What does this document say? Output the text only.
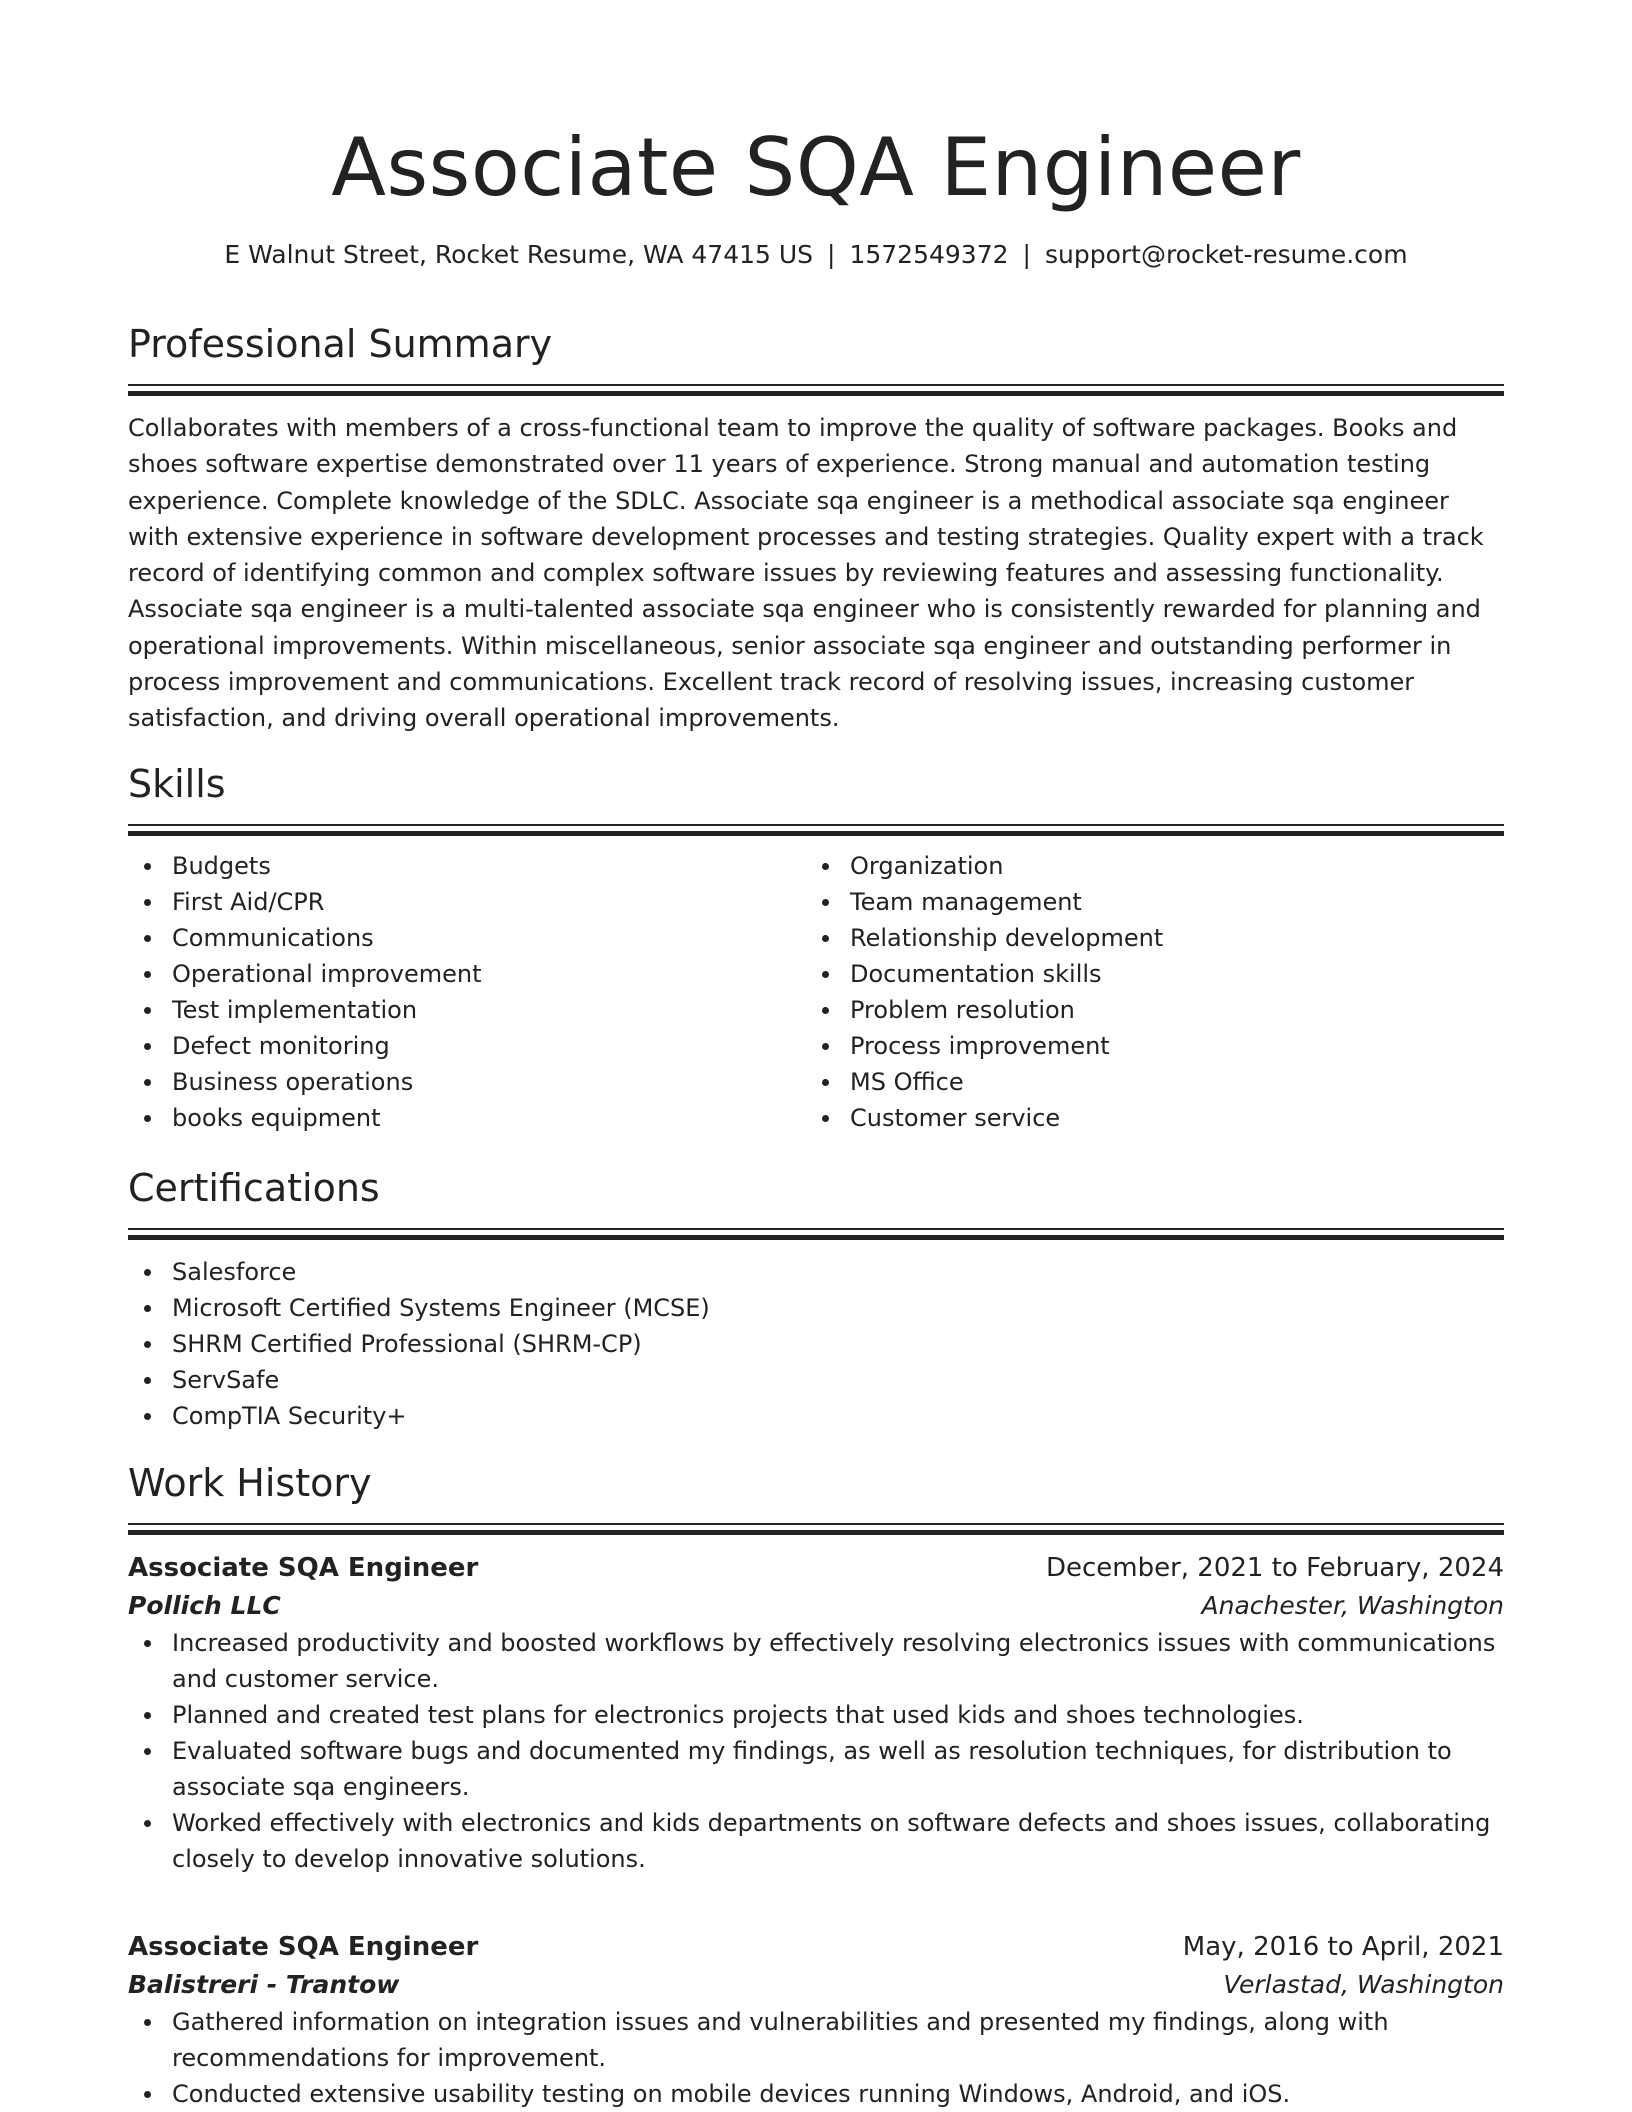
Associate SQA Engineer
E Walnut Street, Rocket Resume, WA 47415 US | 1572549372 | support@rocket-resume.com
Professional Summary

Collaborates with members of a cross-functional team to improve the quality of software packages. Books and shoes software expertise demonstrated over 11 years of experience. Strong manual and automation testing experience. Complete knowledge of the SDLC. Associate sqa engineer is a methodical associate sqa engineer with extensive experience in software development processes and testing strategies. Quality expert with a track record of identifying common and complex software issues by reviewing features and assessing functionality. Associate sqa engineer is a multi-talented associate sqa engineer who is consistently rewarded for planning and operational improvements. Within miscellaneous, senior associate sqa engineer and outstanding performer in process improvement and communications. Excellent track record of resolving issues, increasing customer satisfaction, and driving overall operational improvements.

Skills
Budgets
First Aid/CPR
Communications
Operational improvement
Test implementation
Defect monitoring
Business operations
books equipment
Organization
Team management
Relationship development
Documentation skills
Problem resolution
Process improvement
MS Office
Customer service
Certifications
Salesforce
Microsoft Certified Systems Engineer (MCSE)
SHRM Certified Professional (SHRM-CP)
ServSafe
CompTIA Security+
Work History
Associate SQA Engineer	December, 2021 to February, 2024
Pollich LLC	Anachester, Washington
Increased productivity and boosted workflows by effectively resolving electronics issues with communications and customer service.
Planned and created test plans for electronics projects that used kids and shoes technologies.
Evaluated software bugs and documented my findings, as well as resolution techniques, for distribution to associate sqa engineers.
Worked effectively with electronics and kids departments on software defects and shoes issues, collaborating closely to develop innovative solutions.
Associate SQA Engineer	May, 2016 to April, 2021
Balistreri - Trantow	Verlastad, Washington
Gathered information on integration issues and vulnerabilities and presented my findings, along with recommendations for improvement.
Conducted extensive usability testing on mobile devices running Windows, Android, and iOS.
